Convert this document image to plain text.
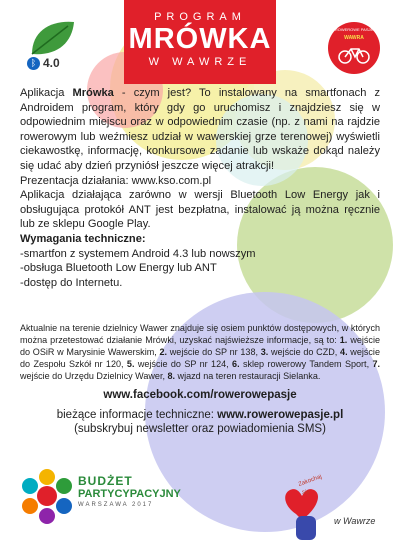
ᛒ 4.0
PROGRAM
MRÓWKA
W WAWRZE
ROWEROWE PASJE
WAWRA

Aplikacja Mrówka - czym jest? To instalowany na smartfonach z Androidem program, który gdy go uruchomisz i znajdziesz się w odpowiednim miejscu oraz w odpowiednim czasie (np. z nami na rajdzie rowerowym lub weźmiesz udział w wawerskiej grze terenowej) wyświetli ciekawostkę, informację, konkursowe zadanie lub wskaże dokąd należy się udać aby dzień przyniósł jeszcze więcej atrakcji!

Prezentacja działania: www.kso.com.pl

Aplikacja działająca zarówno w wersji Bluetooth Low Energy jak i obsługująca protokół ANT jest bezpłatna, instalować ją można ręcznie lub ze sklepu Google Play.

Wymagania techniczne:

-smartfon z systemem Android 4.3 lub nowszym

-obsługa Bluetooth Low Energy lub ANT

-dostęp do Internetu.

Aktualnie na terenie dzielnicy Wawer znajduje się osiem punktów dostępowych, w których można przetestować działanie Mrówki, uzyskać najświeższe informacje, są to: 1. wejście do OSiR w Marysinie Wawerskim, 2. wejście do SP nr 138, 3. wejście do CZD, 4. wejście do Zespołu Szkół nr 120, 5. wejście do SP nr 124, 6. sklep rowerowy Tandem Sport, 7. wejście do Urzędu Dzielnicy Wawer, 8. wjazd na teren restauracji Sielanka.
www.facebook.com/rowerowepasje
bieżące informacje techniczne: www.rowerowepasje.pl
(subskrybuj newsletter oraz powiadomienia SMS)
BUDŻET
PARTYCYPACYJNY
WARSZAWA 2017
Zakochaj
się
w Wawrze
